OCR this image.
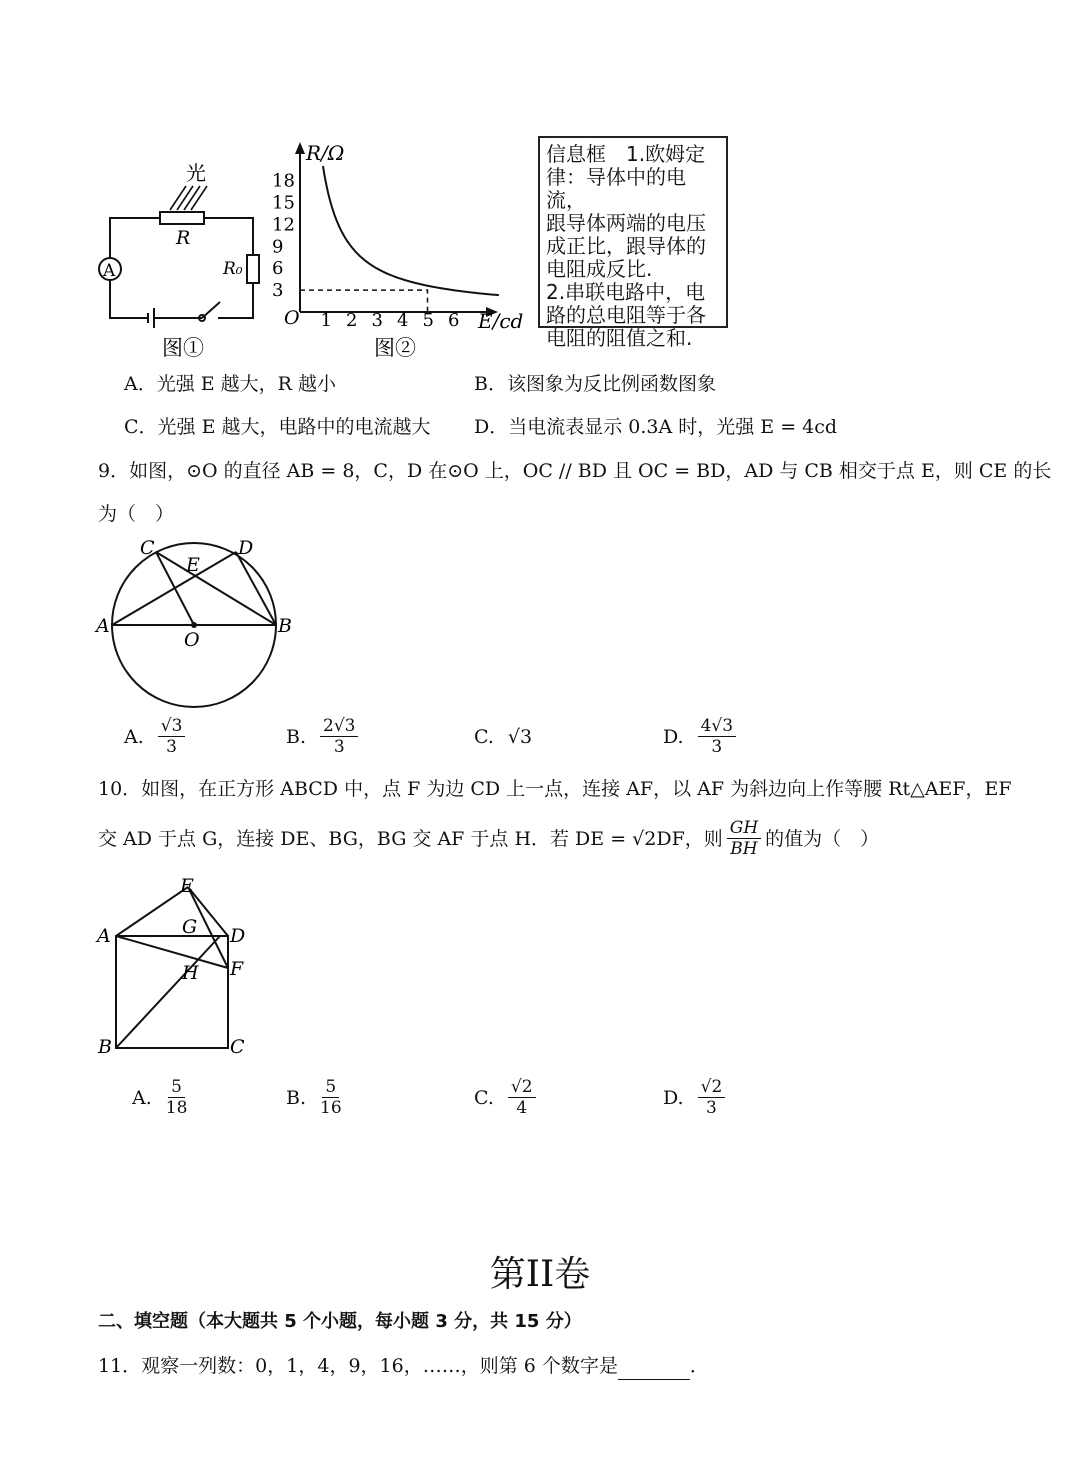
光
R
R₀
A
图①
R/Ω
E/cd
O
3
6
9
12
15
18
1 2 3 4 5 6
图②
信息框　1.欧姆定
律：导体中的电流，
跟导体两端的电压
成正比，跟导体的
电阻成反比.
2.串联电路中，电
路的总电阻等于各
电阻的阻值之和.
A．光强 E 越大，R 越小	B．该图象为反比例函数图象
C．光强 E 越大，电路中的电流越大 D．当电流表显示 0.3A 时，光强 E = 4cd
9．如图，⊙O 的直径 AB = 8，C，D 在⊙O 上，OC // BD 且 OC = BD，AD 与 CB 相交于点 E，则 CE 的长
为（　）
C	D
E
A	B
O
A. $\frac{√3}{3}$	B. $\frac{2√3}{3}$	C. √3	D. $\frac{4√3}{3}$
10．如图，在正方形 ABCD 中，点 F 为边 CD 上一点，连接 AF，以 AF 为斜边向上作等腰 Rt△AEF，EF
交 AD 于点 G，连接 DE、BG，BG 交 AF 于点 H．若 DE = √2DF，则 $\frac{GH}{BH}$ 的值为（　）
E
G
A	D
F
H
B	C
A. $\frac{5}{18}$	B. $\frac{5}{16}$	C. $\frac{√2}{4}$	D. $\frac{√2}{3}$
第II卷
二、填空题（本大题共 5 个小题，每小题 3 分，共 15 分）
11．观察一列数：0，1，4，9，16，……，则第 6 个数字是	．
